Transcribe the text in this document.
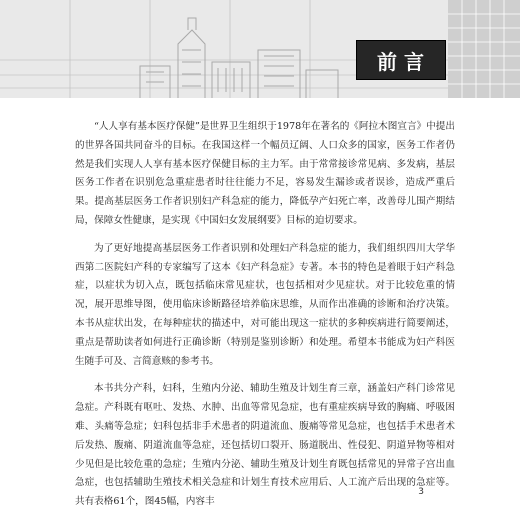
前言

“人人享有基本医疗保健”是世界卫生组织于1978年在著名的《阿拉木图宣言》中提出的世界各国共同奋斗的目标。在我国这样一个幅员辽阔、人口众多的国家，医务工作者仍然是我们实现人人享有基本医疗保健目标的主力军。由于常常接诊常见病、多发病，基层医务工作者在识别危急重症患者时往往能力不足，容易发生漏诊或者误诊，造成严重后果。提高基层医务工作者识别妇产科急症的能力，降低孕产妇死亡率，改善母儿围产期结局，保障女性健康，是实现《中国妇女发展纲要》目标的迫切要求。

为了更好地提高基层医务工作者识别和处理妇产科急症的能力，我们组织四川大学华西第二医院妇产科的专家编写了这本《妇产科急症》专著。本书的特色是着眼于妇产科急症，以症状为切入点，既包括临床常见症状，也包括相对少见症状。对于比较危重的情况，展开思维导图，使用临床诊断路径培养临床思维，从而作出准确的诊断和治疗决策。本书从症状出发，在每种症状的描述中，对可能出现这一症状的多种疾病进行简要阐述，重点是帮助读者如何进行正确诊断（特别是鉴别诊断）和处理。希望本书能成为妇产科医生随手可及、言简意赅的参考书。

本书共分产科，妇科，生殖内分泌、辅助生殖及计划生育三章，涵盖妇产科门诊常见急症。产科既有呕吐、发热、水肿、出血等常见急症，也有重症疾病导致的胸痛、呼吸困难、头痛等急症；妇科包括非手术患者的阴道流血、腹痛等常见急症，也包括手术患者术后发热、腹痛、阴道流血等急症，还包括切口裂开、肠道脱出、性侵犯、阴道异物等相对少见但是比较危重的急症；生殖内分泌、辅助生殖及计划生育既包括常见的异常子宫出血急症，也包括辅助生殖技术相关急症和计划生育技术应用后、人工流产后出现的急症等。共有表格61个，图45幅，内容丰

3
